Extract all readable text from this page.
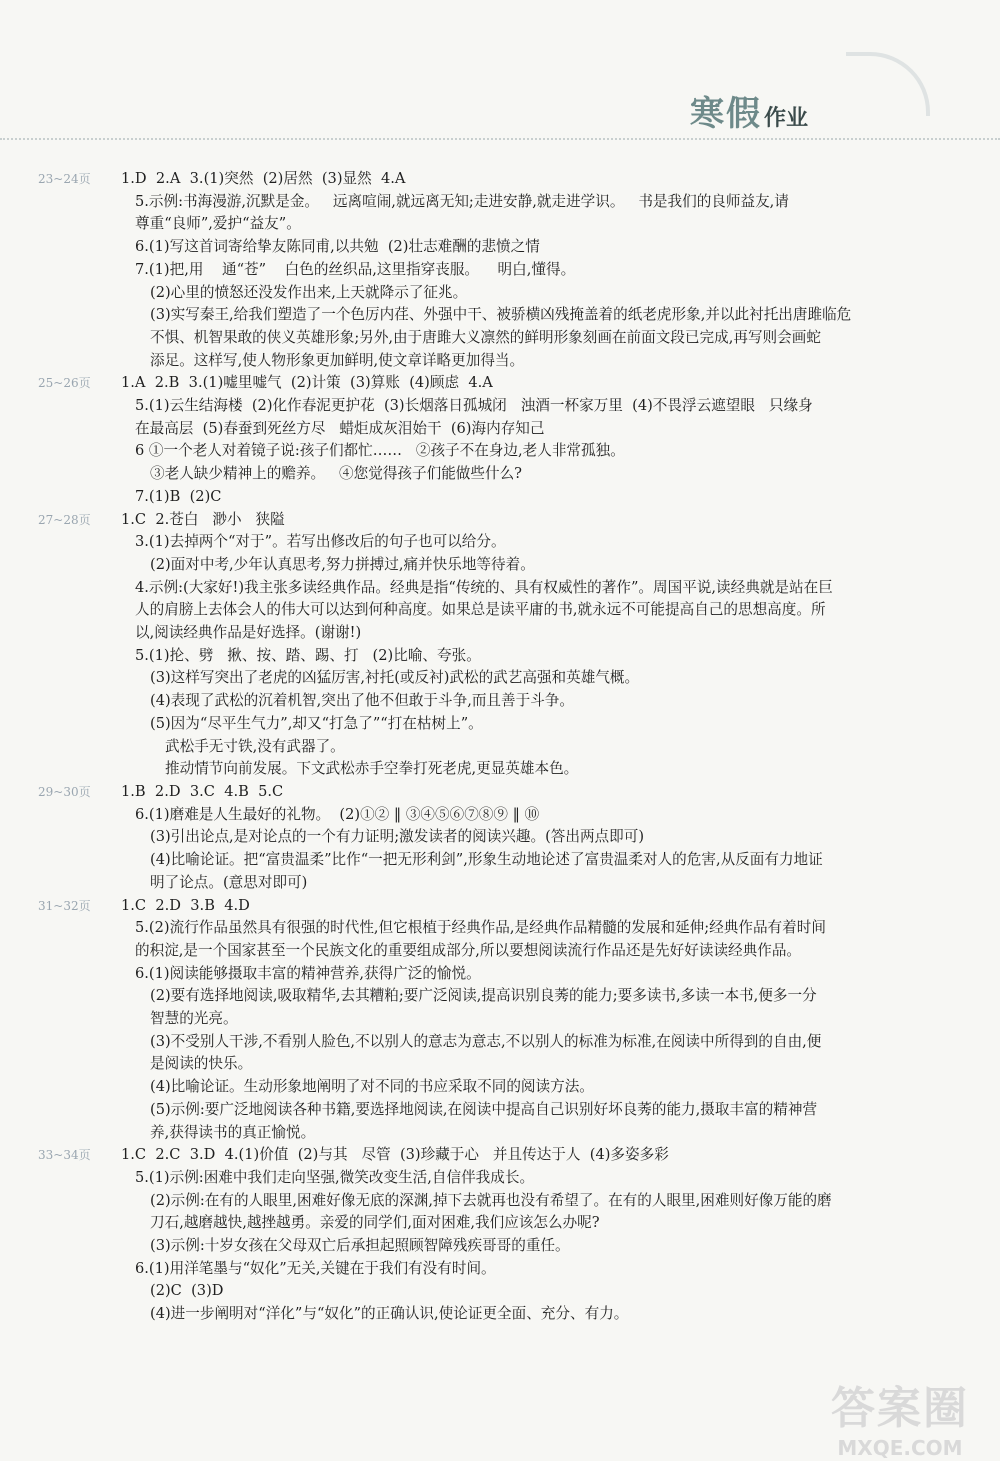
寒假作业
23~24页 1.D  2.A  3.(1)突然  (2)居然  (3)显然  4.A
5.示例:书海漫游,沉默是金。   远离喧闹,就远离无知;走进安静,就走进学识。   书是我们的良师益友,请
尊重“良师”,爱护“益友”。
6.(1)写这首词寄给挚友陈同甫,以共勉  (2)壮志难酬的悲愤之情
7.(1)把,用    通“苍”    白色的丝织品,这里指穿丧服。    明白,懂得。
(2)心里的愤怒还没发作出来,上天就降示了征兆。
(3)实写秦王,给我们塑造了一个色厉内荏、外强中干、被骄横凶残掩盖着的纸老虎形象,并以此衬托出唐雎临危
不惧、机智果敢的侠义英雄形象;另外,由于唐雎大义凛然的鲜明形象刻画在前面文段已完成,再写则会画蛇
添足。这样写,使人物形象更加鲜明,使文章详略更加得当。
25~26页 1.A  2.B  3.(1)嘘里嘘气  (2)计策  (3)算账  (4)顾虑  4.A
5.(1)云生结海楼  (2)化作春泥更护花  (3)长烟落日孤城闭   浊酒一杯家万里  (4)不畏浮云遮望眼   只缘身
在最高层  (5)春蚕到死丝方尽   蜡炬成灰泪始干  (6)海内存知己
6 ①一个老人对着镜子说:孩子们都忙……   ②孩子不在身边,老人非常孤独。
③老人缺少精神上的赡养。   ④您觉得孩子们能做些什么?
7.(1)B  (2)C
27~28页 1.C  2.苍白   渺小   狭隘
3.(1)去掉两个“对于”。若写出修改后的句子也可以给分。
(2)面对中考,少年认真思考,努力拼搏过,痛并快乐地等待着。
4.示例:(大家好!)我主张多读经典作品。经典是指“传统的、具有权威性的著作”。周国平说,读经典就是站在巨
人的肩膀上去体会人的伟大可以达到何种高度。如果总是读平庸的书,就永远不可能提高自己的思想高度。所
以,阅读经典作品是好选择。(谢谢!)
5.(1)抡、劈   揪、按、踏、踢、打   (2)比喻、夸张。
(3)这样写突出了老虎的凶猛厉害,衬托(或反衬)武松的武艺高强和英雄气概。
(4)表现了武松的沉着机智,突出了他不但敢于斗争,而且善于斗争。
(5)因为“尽平生气力”,却又“打急了”“打在枯树上”。
武松手无寸铁,没有武器了。
推动情节向前发展。下文武松赤手空拳打死老虎,更显英雄本色。
29~30页 1.B  2.D  3.C  4.B  5.C
6.(1)磨难是人生最好的礼物。  (2)①② ‖ ③④⑤⑥⑦⑧⑨ ‖ ⑩
(3)引出论点,是对论点的一个有力证明;激发读者的阅读兴趣。(答出两点即可)
(4)比喻论证。把“富贵温柔”比作“一把无形利剑”,形象生动地论述了富贵温柔对人的危害,从反面有力地证
明了论点。(意思对即可)
31~32页 1.C  2.D  3.B  4.D
5.(2)流行作品虽然具有很强的时代性,但它根植于经典作品,是经典作品精髓的发展和延伸;经典作品有着时间
的积淀,是一个国家甚至一个民族文化的重要组成部分,所以要想阅读流行作品还是先好好读读经典作品。
6.(1)阅读能够摄取丰富的精神营养,获得广泛的愉悦。
(2)要有选择地阅读,吸取精华,去其糟粕;要广泛阅读,提高识别良莠的能力;要多读书,多读一本书,便多一分
智慧的光亮。
(3)不受别人干涉,不看别人脸色,不以别人的意志为意志,不以别人的标准为标准,在阅读中所得到的自由,便
是阅读的快乐。
(4)比喻论证。生动形象地阐明了对不同的书应采取不同的阅读方法。
(5)示例:要广泛地阅读各种书籍,要选择地阅读,在阅读中提高自己识别好坏良莠的能力,摄取丰富的精神营
养,获得读书的真正愉悦。
33~34页 1.C  2.C  3.D  4.(1)价值  (2)与其   尽管  (3)珍藏于心   并且传达于人  (4)多姿多彩
5.(1)示例:困难中我们走向坚强,微笑改变生活,自信伴我成长。
(2)示例:在有的人眼里,困难好像无底的深渊,掉下去就再也没有希望了。在有的人眼里,困难则好像万能的磨
刀石,越磨越快,越挫越勇。亲爱的同学们,面对困难,我们应该怎么办呢?
(3)示例:十岁女孩在父母双亡后承担起照顾智障残疾哥哥的重任。
6.(1)用洋笔墨与“奴化”无关,关键在于我们有没有时间。
(2)C  (3)D
(4)进一步阐明对“洋化”与“奴化”的正确认识,使论证更全面、充分、有力。
答案圈
MXQE.COM
